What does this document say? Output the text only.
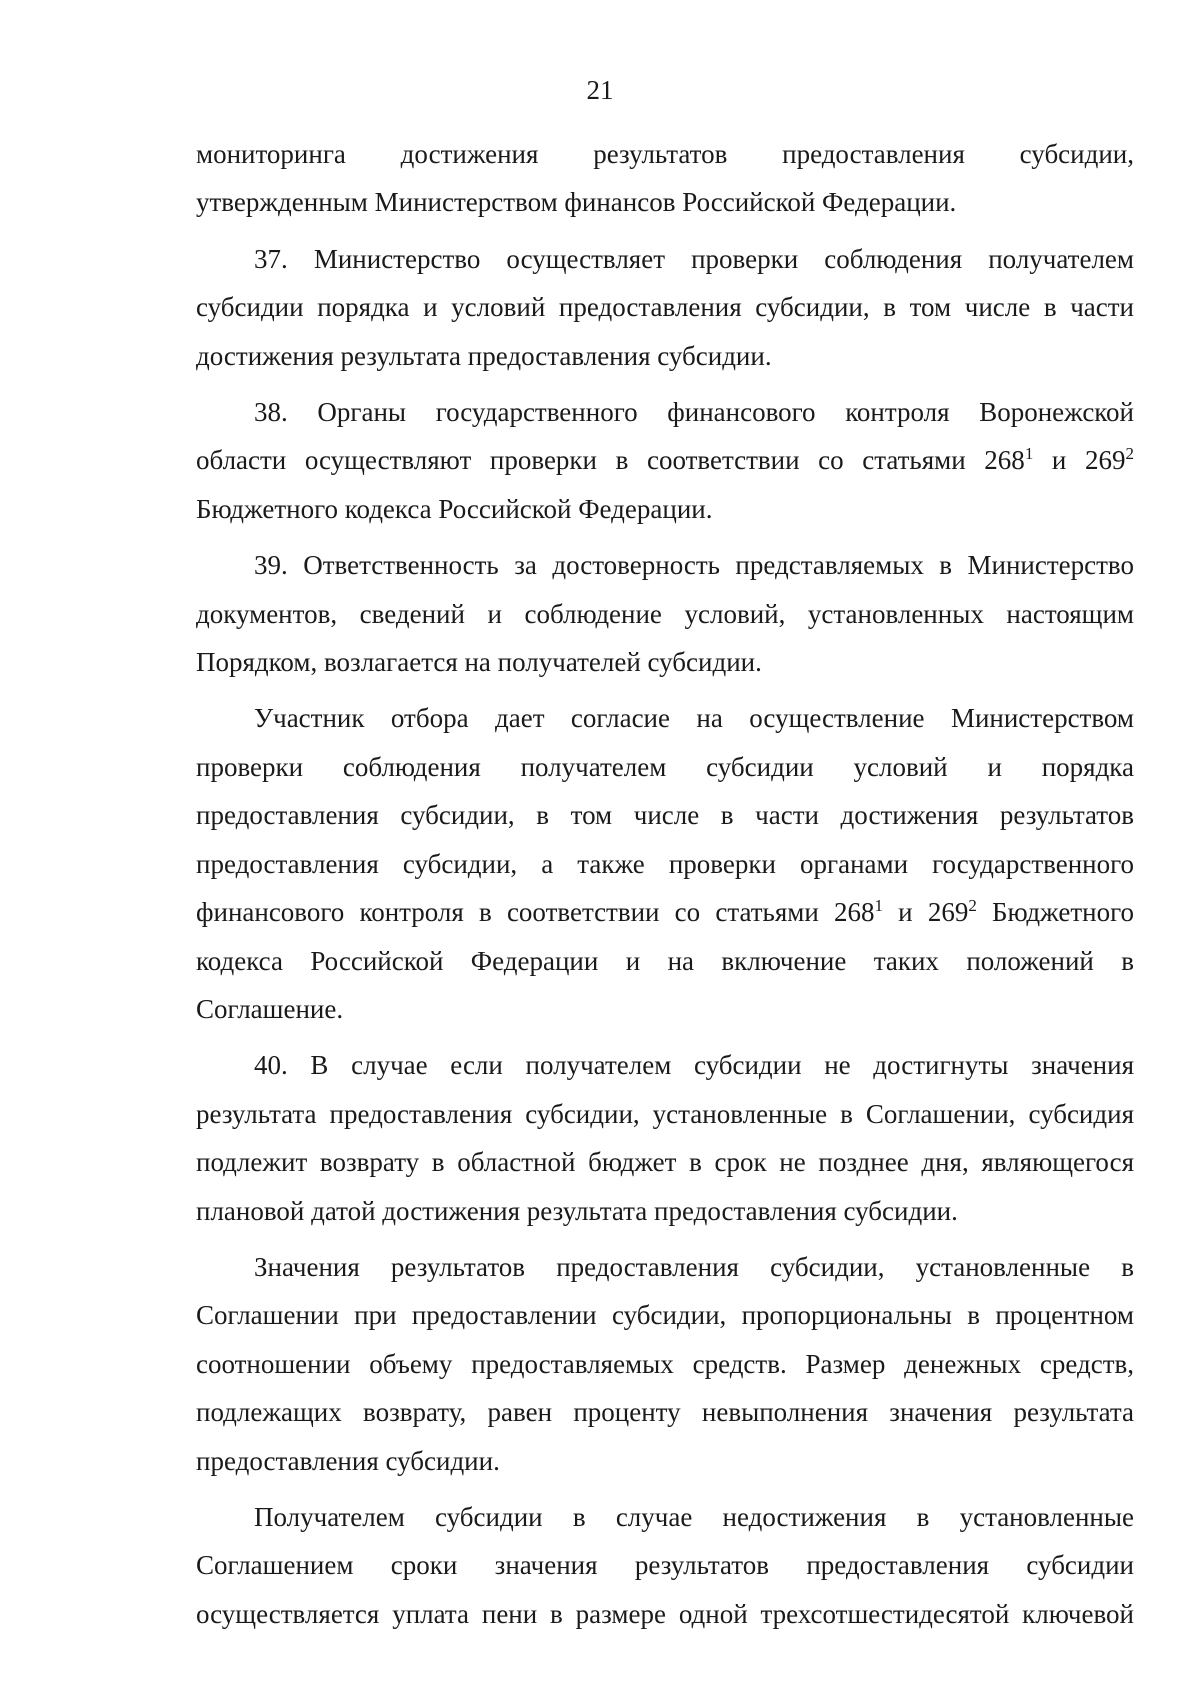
21
мониторинга достижения результатов предоставления субсидии,
утвержденным Министерством финансов Российской Федерации.
37. Министерство осуществляет проверки соблюдения получателем
субсидии порядка и условий предоставления субсидии, в том числе в части
достижения результата предоставления субсидии.
38. Органы государственного финансового контроля Воронежской
области осуществляют проверки в соответствии со статьями $268^1$ и $269^2$
Бюджетного кодекса Российской Федерации.
39. Ответственность за достоверность представляемых в Министерство
документов, сведений и соблюдение условий, установленных настоящим
Порядком, возлагается на получателей субсидии.
Участник отбора дает согласие на осуществление Министерством
проверки соблюдения получателем субсидии условий и порядка
предоставления субсидии, в том числе в части достижения результатов
предоставления субсидии, а также проверки органами государственного
финансового контроля в соответствии со статьями $268^1$ и $269^2$ Бюджетного
кодекса Российской Федерации и на включение таких положений в
Соглашение.
40. В случае если получателем субсидии не достигнуты значения
результата предоставления субсидии, установленные в Соглашении, субсидия
подлежит возврату в областной бюджет в срок не позднее дня, являющегося
плановой датой достижения результата предоставления субсидии.
Значения результатов предоставления субсидии, установленные в
Соглашении при предоставлении субсидии, пропорциональны в процентном
соотношении объему предоставляемых средств. Размер денежных средств,
подлежащих возврату, равен проценту невыполнения значения результата
предоставления субсидии.
Получателем субсидии в случае недостижения в установленные
Соглашением сроки значения результатов предоставления субсидии
осуществляется уплата пени в размере одной трехсотшестидесятой ключевой
